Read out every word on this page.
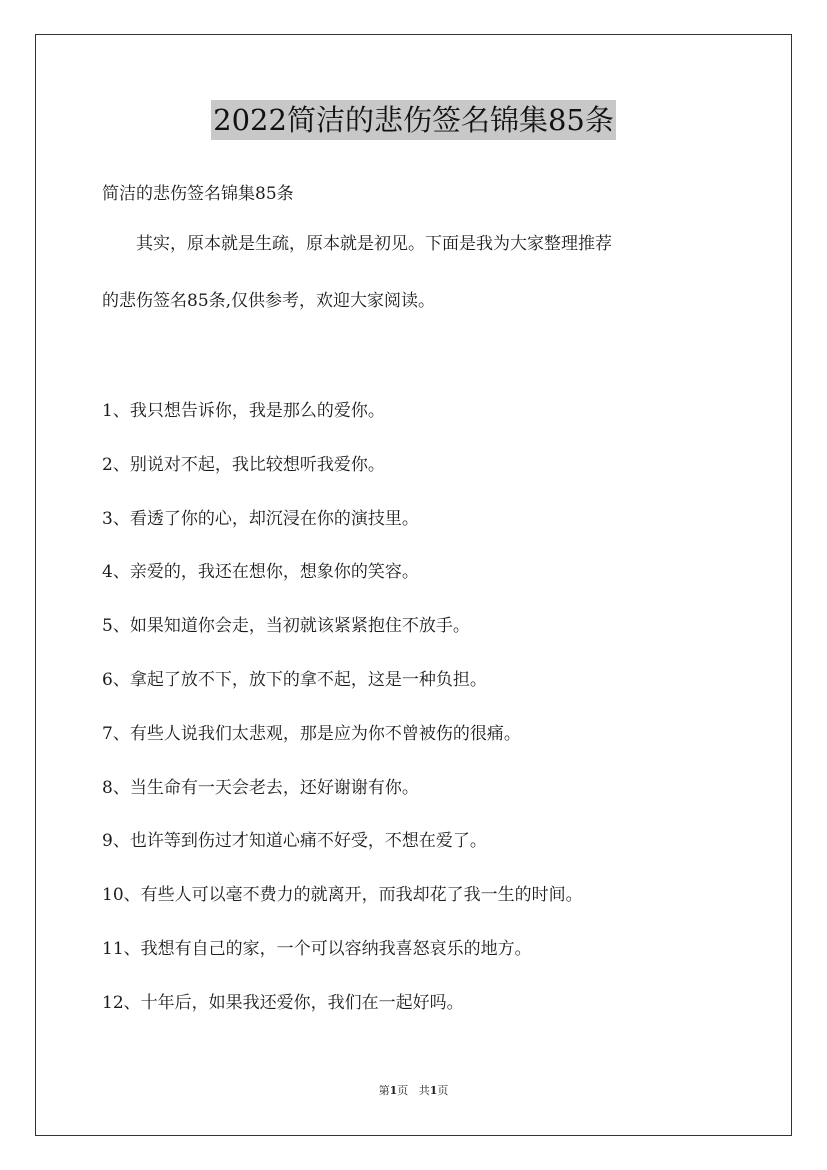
2022简洁的悲伤签名锦集85条
简洁的悲伤签名锦集85条
　　其实，原本就是生疏，原本就是初见。下面是我为大家整理推荐
的悲伤签名85条,仅供参考，欢迎大家阅读。
1、我只想告诉你，我是那么的爱你。
2、别说对不起，我比较想听我爱你。
3、看透了你的心，却沉浸在你的演技里。
4、亲爱的，我还在想你，想象你的笑容。
5、如果知道你会走，当初就该紧紧抱住不放手。
6、拿起了放不下，放下的拿不起，这是一种负担。
7、有些人说我们太悲观，那是应为你不曾被伤的很痛。
8、当生命有一天会老去，还好谢谢有你。
9、也许等到伤过才知道心痛不好受，不想在爱了。
10、有些人可以毫不费力的就离开，而我却花了我一生的时间。
11、我想有自己的家，一个可以容纳我喜怒哀乐的地方。
12、十年后，如果我还爱你，我们在一起好吗。
第1页 共1页
